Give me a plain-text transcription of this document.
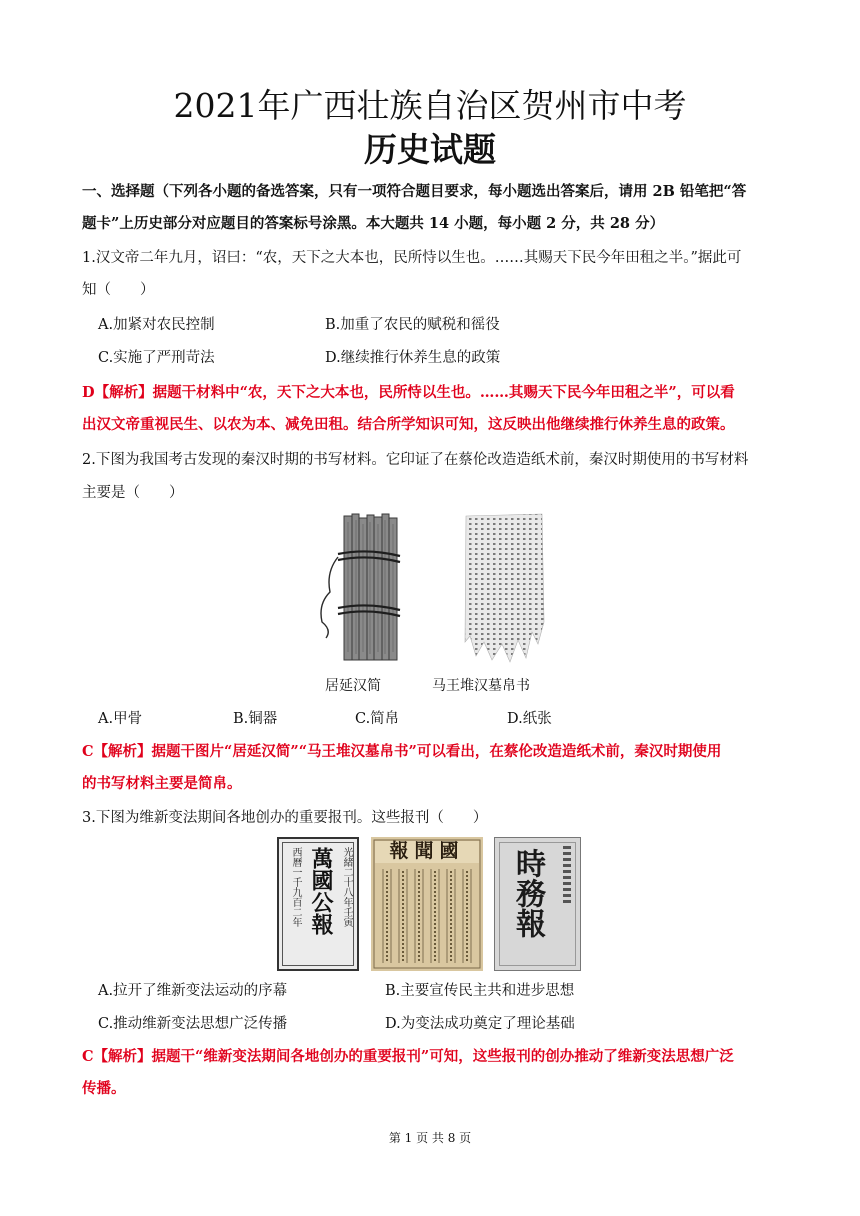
2021年广西壮族自治区贺州市中考
历史试题
一、选择题（下列各小题的备选答案，只有一项符合题目要求，每小题选出答案后，请用 2B 铅笔把“答
题卡”上历史部分对应题目的答案标号涂黑。本大题共 14 小题，每小题 2 分，共 28 分）
1.汉文帝二年九月，诏曰：“农，天下之大本也，民所恃以生也。……其赐天下民今年田租之半。”据此可
知（　　）
A.加紧对农民控制	B.加重了农民的赋税和徭役
C.实施了严刑苛法	D.继续推行休养生息的政策
D【解析】据题干材料中“农，天下之大本也，民所恃以生也。……其赐天下民今年田租之半”，可以看
出汉文帝重视民生、以农为本、减免田租。结合所学知识可知，这反映出他继续推行休养生息的政策。
2.下图为我国考古发现的秦汉时期的书写材料。它印证了在蔡伦改造造纸术前，秦汉时期使用的书写材料
主要是（　　）
居延汉简	马王堆汉墓帛书
A.甲骨	B.铜器	C.简帛	D.纸张
C【解析】据题干图片“居延汉简”“马王堆汉墓帛书”可以看出，在蔡伦改造造纸术前，秦汉时期使用
的书写材料主要是简帛。
3.下图为维新变法期间各地创办的重要报刊。这些报刊（　　）
萬國公報 光緒二十八年壬寅
西曆一千九百二年	國聞報	時務報
A.拉开了维新变法运动的序幕	B.主要宣传民主共和进步思想
C.推动维新变法思想广泛传播	D.为变法成功奠定了理论基础
C【解析】据题干“维新变法期间各地创办的重要报刊”可知，这些报刊的创办推动了维新变法思想广泛
传播。
第 1 页 共 8 页
